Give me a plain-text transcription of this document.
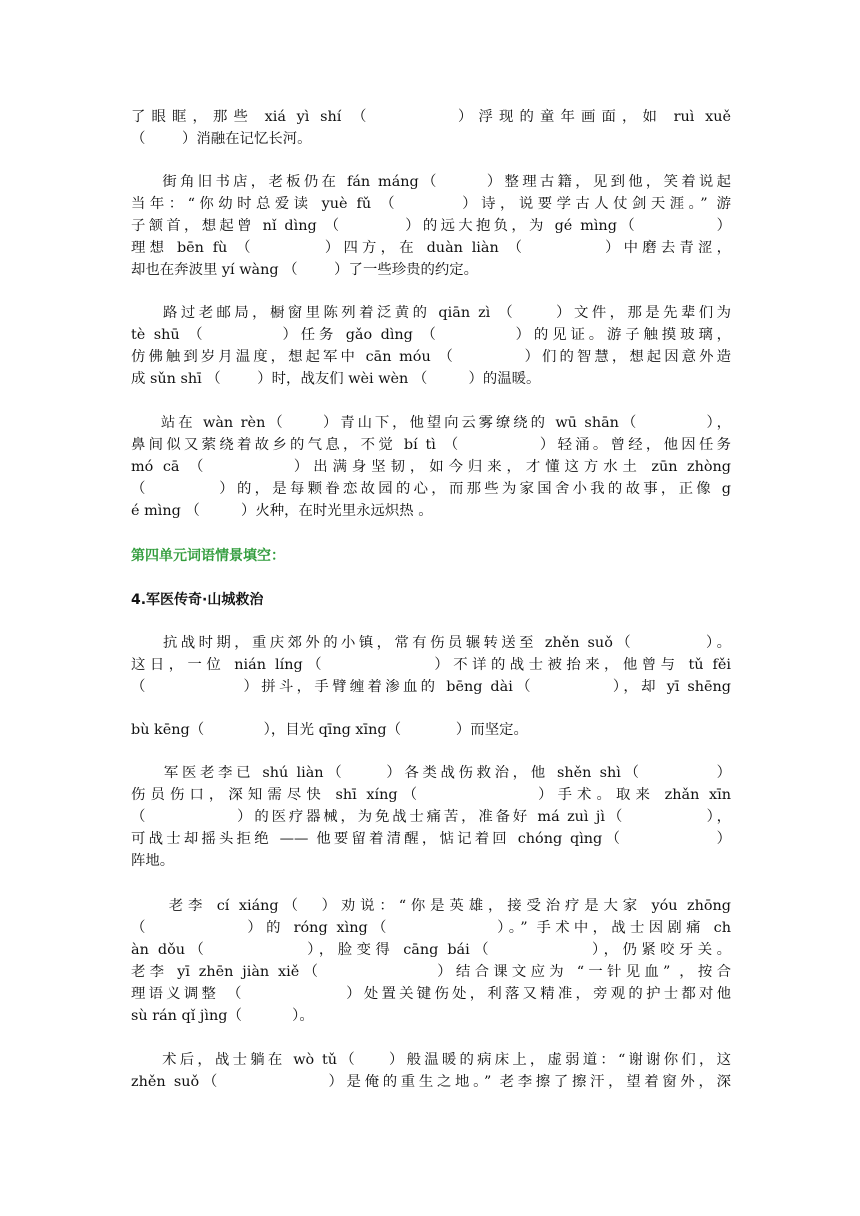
了眼眶，那些 xiá yì shí （        ）浮现的童年画面，如 ruì xuě
（        ）消融在记忆长河。
街角旧书店，老板仍在 fán máng（      ）整理古籍，见到他，笑着说起
当年：“你幼时总爱读 yuè fǔ （       ）诗，说要学古人仗剑天涯。” 游
子颔首，想起曾 nǐ dìng （        ）的远大抱负，为 gé mìng（          ）
理想 bēn fù （        ）四方，在 duàn liàn （         ）中磨去青涩，
却也在奔波里 yí wàng （        ）了一些珍贵的约定。
路过老邮局，橱窗里陈列着泛黄的 qiān zì （     ）文件，那是先辈们为
tè shū （         ）任务 gǎo dìng （         ）的见证。游子触摸玻璃，
仿佛触到岁月温度，想起军中 cān móu （         ）们的智慧，想起因意外造
成 sǔn shī （        ）时，战友们 wèi wèn （         ）的温暖。
站在 wàn rèn（     ）青山下，他望向云雾缭绕的 wū shān（         ），
鼻间似又萦绕着故乡的气息，不觉 bí tì （          ）轻涌。曾经，他因任务
mó cā （         ）出满身坚韧，如今归来，才懂这方水土 zūn zhòng
（         ）的，是每颗眷恋故园的心，而那些为家国舍小我的故事，正像 g
é mìng （         ）火种，在时光里永远炽热 。
第四单元词语情景填空：
4.军医传奇·山城救治
抗战时期，重庆郊外的小镇，常有伤员辗转送至 zhěn suǒ（         ）。
这日，一位 nián líng（            ）不详的战士被抬来，他曾与 tǔ fěi
（            ）拼斗，手臂缠着渗血的 bēng dài（          ），却 yī shēng
bù kēng（             ），目光 qīng xīng（            ）而坚定。
军医老李已 shú liàn（     ）各类战伤救治，他 shěn shì（         ）
伤员伤口，深知需尽快 shī xíng（            ）手术。取来 zhǎn xīn
（            ）的医疗器械，为免战士痛苦，准备好 má zuì jì（           ），
可战士却摇头拒绝 —— 他要留着清醒，惦记着回 chóng qìng（            ）
阵地。
老李 cí xiáng（  ）劝说：“你是英雄，接受治疗是大家 yóu zhōng
（           ）的 róng xìng（            ）。” 手术中，战士因剧痛 ch
àn dǒu（           ），脸变得 cāng bái（           ），仍紧咬牙关。
老李 yī zhēn jiàn xiě（             ）结合课文应为 “一针见血” ，按合
理语义调整 （             ）处置关键伤处，利落又精准，旁观的护士都对他
sù rán qǐ jìng（           ）。
术后，战士躺在 wò tǔ（    ）般温暖的病床上，虚弱道：“谢谢你们，这
zhěn suǒ（             ）是俺的重生之地。” 老李擦了擦汗，望着窗外，深
